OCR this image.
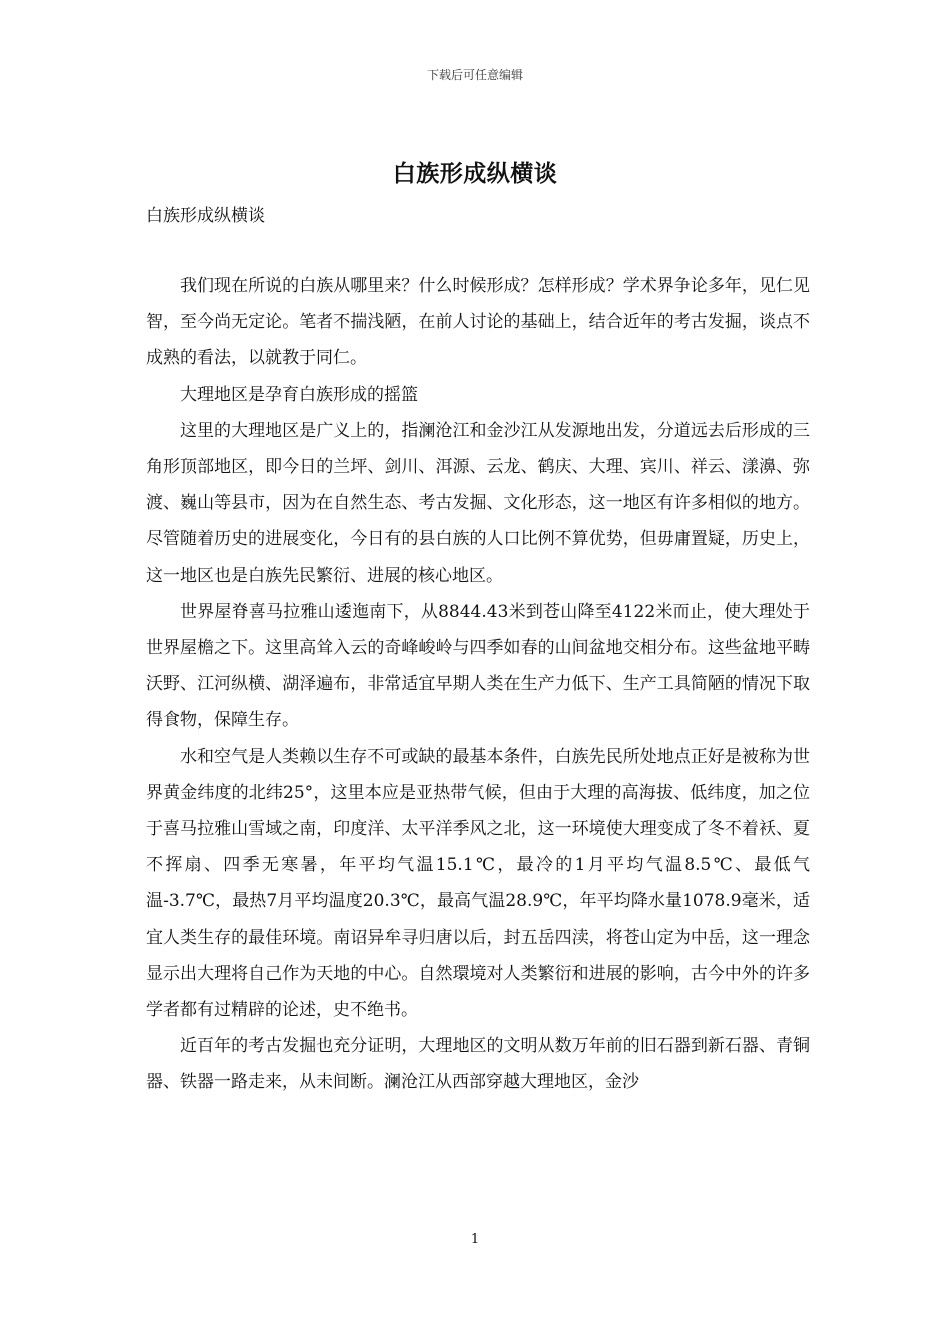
下载后可任意编辑
白族形成纵横谈
白族形成纵横谈

我们现在所说的白族从哪里来？什么时候形成？怎样形成？学术界争论多年，见仁见智，至今尚无定论。笔者不揣浅陋，在前人讨论的基础上，结合近年的考古发掘，谈点不成熟的看法，以就教于同仁。

大理地区是孕育白族形成的摇篮

这里的大理地区是广义上的，指澜沧江和金沙江从发源地出发，分道远去后形成的三角形顶部地区，即今日的兰坪、剑川、洱源、云龙、鹤庆、大理、宾川、祥云、漾濞、弥渡、巍山等县市，因为在自然生态、考古发掘、文化形态，这一地区有许多相似的地方。尽管随着历史的进展变化，今日有的县白族的人口比例不算优势，但毋庸置疑，历史上，这一地区也是白族先民繁衍、进展的核心地区。

世界屋脊喜马拉雅山逶迤南下，从8844.43米到苍山降至4122米而止，使大理处于世界屋檐之下。这里高耸入云的奇峰峻岭与四季如春的山间盆地交相分布。这些盆地平畴沃野、江河纵横、湖泽遍布，非常适宜早期人类在生产力低下、生产工具简陋的情况下取得食物，保障生存。

水和空气是人类赖以生存不可或缺的最基本条件，白族先民所处地点正好是被称为世界黄金纬度的北纬25°，这里本应是亚热带气候，但由于大理的高海拔、低纬度，加之位于喜马拉雅山雪域之南，印度洋、太平洋季风之北，这一环境使大理变成了冬不着袄、夏不挥扇、四季无寒暑，年平均气温15.1℃，最冷的1月平均气温8.5℃、最低气温-3.7℃，最热7月平均温度20.3℃，最高气温28.9℃，年平均降水量1078.9毫米，适宜人类生存的最佳环境。南诏异牟寻归唐以后，封五岳四渎，将苍山定为中岳，这一理念显示出大理将自己作为天地的中心。自然環境对人类繁衍和进展的影响，古今中外的许多学者都有过精辟的论述，史不绝书。

近百年的考古发掘也充分证明，大理地区的文明从数万年前的旧石器到新石器、青铜器、铁器一路走来，从未间断。澜沧江从西部穿越大理地区，金沙

1
